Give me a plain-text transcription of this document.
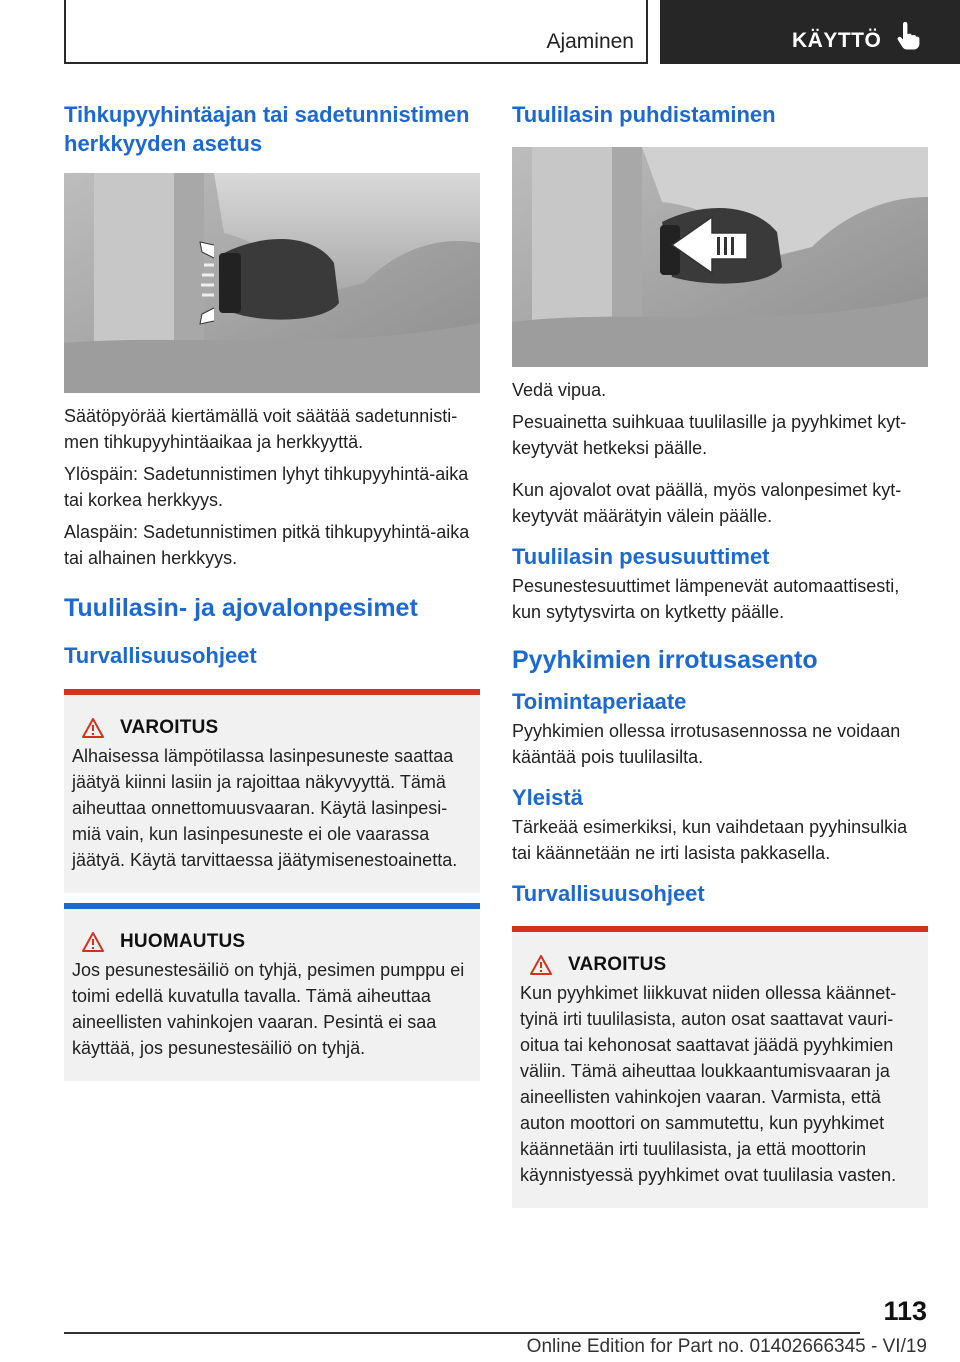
Ajaminen	KÄYTTÖ
Tihkupyyhintäajan tai sadetunnistimen herkkyyden asetus

Säätöpyörää kiertämällä voit säätää sadetunnisti-men tihkupyyhintäaikaa ja herkkyyttä.

Ylöspäin: Sadetunnistimen lyhyt tihkupyyhintä-aika tai korkea herkkyys.

Alaspäin: Sadetunnistimen pitkä tihkupyyhintä-aika tai alhainen herkkyys.

Tuulilasin- ja ajovalonpesimet
Turvallisuusohjeet
VAROITUS

Alhaisessa lämpötilassa lasinpesuneste saattaa jäätyä kiinni lasiin ja rajoittaa näkyvyyttä. Tämä aiheuttaa onnettomuusvaaran. Käytä lasinpesi-miä vain, kun lasinpesuneste ei ole vaarassa jäätyä. Käytä tarvittaessa jäätymisenestoainetta.

HUOMAUTUS

Jos pesunestesäiliö on tyhjä, pesimen pumppu ei toimi edellä kuvatulla tavalla. Tämä aiheuttaa aineellisten vahinkojen vaaran. Pesintä ei saa käyttää, jos pesunestesäiliö on tyhjä.

Tuulilasin puhdistaminen

Vedä vipua.

Pesuainetta suihkuaa tuulilasille ja pyyhkimet kyt-keytyvät hetkeksi päälle.

Kun ajovalot ovat päällä, myös valonpesimet kyt-keytyvät määrätyin välein päälle.

Tuulilasin pesusuuttimet

Pesunestesuuttimet lämpenevät automaattisesti, kun sytytysvirta on kytketty päälle.

Pyyhkimien irrotusasento
Toimintaperiaate

Pyyhkimien ollessa irrotusasennossa ne voidaan kääntää pois tuulilasilta.

Yleistä

Tärkeää esimerkiksi, kun vaihdetaan pyyhinsulkia tai käännetään ne irti lasista pakkasella.

Turvallisuusohjeet
VAROITUS

Kun pyyhkimet liikkuvat niiden ollessa käännet-tyinä irti tuulilasista, auton osat saattavat vauri-oitua tai kehonosat saattavat jäädä pyyhkimien väliin. Tämä aiheuttaa loukkaantumisvaaran ja aineellisten vahinkojen vaaran. Varmista, että auton moottori on sammutettu, kun pyyhkimet käännetään irti tuulilasista, ja että moottorin käynnistyessä pyyhkimet ovat tuulilasia vasten.

113
Online Edition for Part no. 01402666345 - VI/19
